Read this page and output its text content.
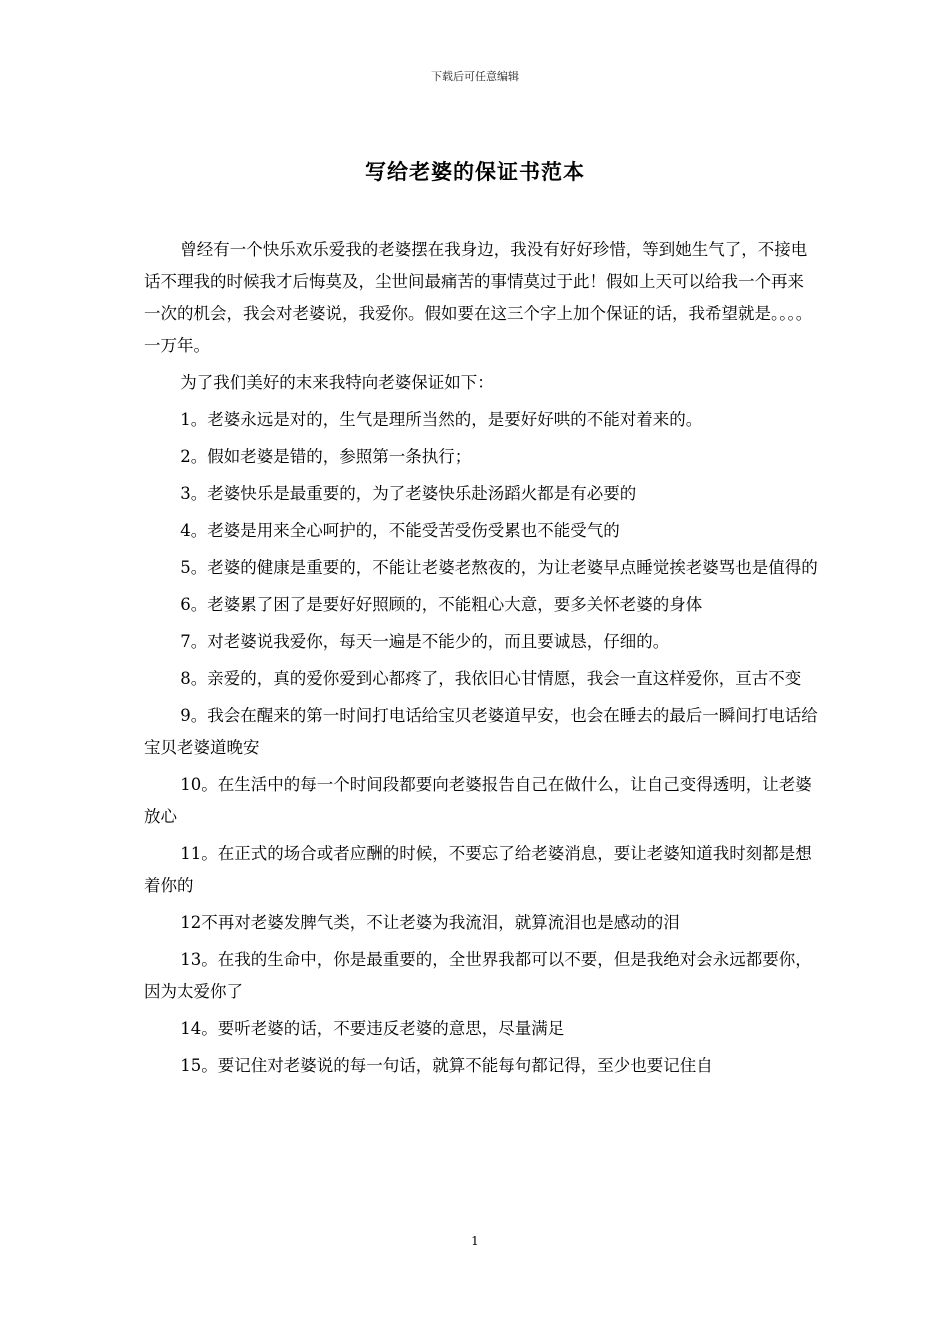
下载后可任意编辑
写给老婆的保证书范本

曾经有一个快乐欢乐爱我的老婆摆在我身边，我没有好好珍惜，等到她生气了，不接电话不理我的时候我才后悔莫及，尘世间最痛苦的事情莫过于此！假如上天可以给我一个再来一次的机会，我会对老婆说，我爱你。假如要在这三个字上加个保证的话，我希望就是。。。。一万年。

为了我们美好的末来我特向老婆保证如下：

1。老婆永远是对的，生气是理所当然的，是要好好哄的不能对着来的。

2。假如老婆是错的，参照第一条执行；

3。老婆快乐是最重要的，为了老婆快乐赴汤蹈火都是有必要的

4。老婆是用来全心呵护的，不能受苦受伤受累也不能受气的

5。老婆的健康是重要的，不能让老婆老熬夜的，为让老婆早点睡觉挨老婆骂也是值得的

6。老婆累了困了是要好好照顾的，不能粗心大意，要多关怀老婆的身体

7。对老婆说我爱你，每天一遍是不能少的，而且要诚恳，仔细的。

8。亲爱的，真的爱你爱到心都疼了，我依旧心甘情愿，我会一直这样爱你，亘古不变

9。我会在醒来的第一时间打电话给宝贝老婆道早安，也会在睡去的最后一瞬间打电话给宝贝老婆道晚安

10。在生活中的每一个时间段都要向老婆报告自己在做什么，让自己变得透明，让老婆放心

11。在正式的场合或者应酬的时候，不要忘了给老婆消息，要让老婆知道我时刻都是想着你的

12不再对老婆发脾气类，不让老婆为我流泪，就算流泪也是感动的泪

13。在我的生命中，你是最重要的，全世界我都可以不要，但是我绝对会永远都要你，因为太爱你了

14。要听老婆的话，不要违反老婆的意思，尽量满足

15。要记住对老婆说的每一句话，就算不能每句都记得，至少也要记住自

1
